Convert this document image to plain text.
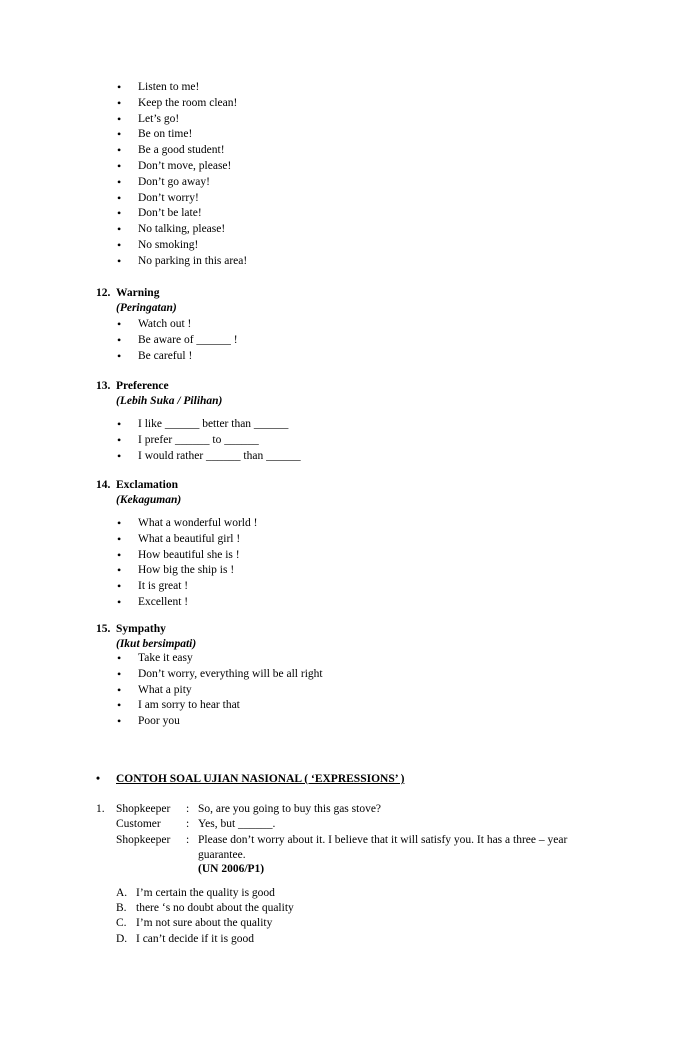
• Listen to me!
• Keep the room clean!
• Let’s go!
• Be on time!
• Be a good student!
• Don’t move, please!
• Don’t go away!
• Don’t worry!
• Don’t be late!
• No talking, please!
• No smoking!
• No parking in this area!
12. Warning
(Peringatan)
• Watch out !
• Be aware of ______ !
• Be careful !
13. Preference
(Lebih Suka / Pilihan)
• I like ______ better than ______
• I prefer ______ to ______
• I would rather ______ than ______
14. Exclamation
(Kekaguman)
• What a wonderful world !
• What a beautiful girl !
• How beautiful she is !
• How big the ship is !
• It is great !
• Excellent !
15. Sympathy
(Ikut bersimpati)
• Take it easy
• Don’t worry, everything will be all right
• What a pity
• I am sorry to hear that
• Poor you
• CONTOH SOAL UJIAN NASIONAL ( ‘EXPRESSIONS’ )
1. Shopkeeper : So, are you going to buy this gas stove?
Customer : Yes, but ______.
Shopkeeper : Please don’t worry about it. I believe that it will satisfy you. It has a three – year
guarantee.
(UN 2006/P1)
A. I’m certain the quality is good
B. there ‘s no doubt about the quality
C. I’m not sure about the quality
D. I can’t decide if it is good
